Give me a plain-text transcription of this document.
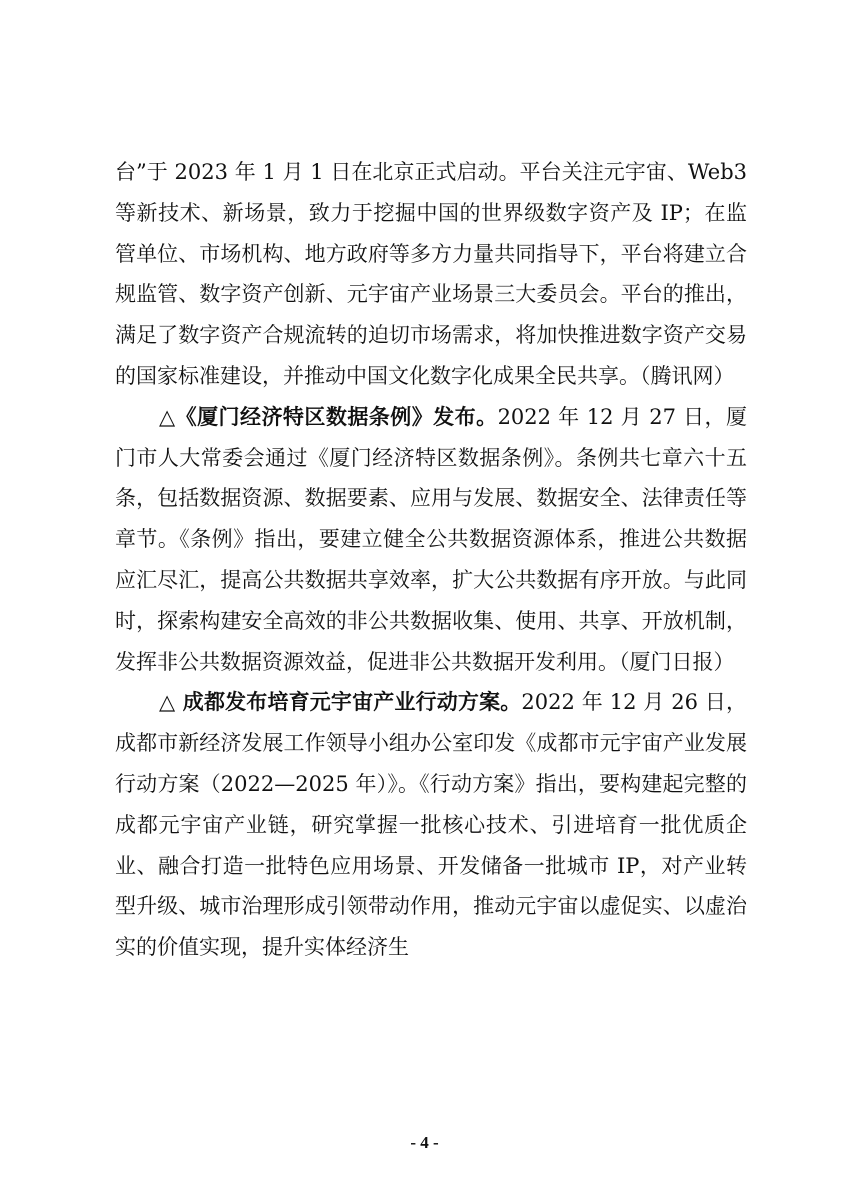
台”于 2023 年 1 月 1 日在北京正式启动。平台关注元宇宙、Web3 等新技术、新场景，致力于挖掘中国的世界级数字资产及 IP；在监管单位、市场机构、地方政府等多方力量共同指导下，平台将建立合规监管、数字资产创新、元宇宙产业场景三大委员会。平台的推出，满足了数字资产合规流转的迫切市场需求，将加快推进数字资产交易的国家标准建设，并推动中国文化数字化成果全民共享。（腾讯网）

△《厦门经济特区数据条例》发布。2022 年 12 月 27 日，厦门市人大常委会通过《厦门经济特区数据条例》。条例共七章六十五条，包括数据资源、数据要素、应用与发展、数据安全、法律责任等章节。《条例》指出，要建立健全公共数据资源体系，推进公共数据应汇尽汇，提高公共数据共享效率，扩大公共数据有序开放。与此同时，探索构建安全高效的非公共数据收集、使用、共享、开放机制，发挥非公共数据资源效益，促进非公共数据开发利用。（厦门日报）

△ 成都发布培育元宇宙产业行动方案。2022 年 12 月 26 日，成都市新经济发展工作领导小组办公室印发《成都市元宇宙产业发展行动方案（2022—2025 年）》。《行动方案》指出，要构建起完整的成都元宇宙产业链，研究掌握一批核心技术、引进培育一批优质企业、融合打造一批特色应用场景、开发储备一批城市 IP，对产业转型升级、城市治理形成引领带动作用，推动元宇宙以虚促实、以虚治实的价值实现，提升实体经济生

- 4 -
